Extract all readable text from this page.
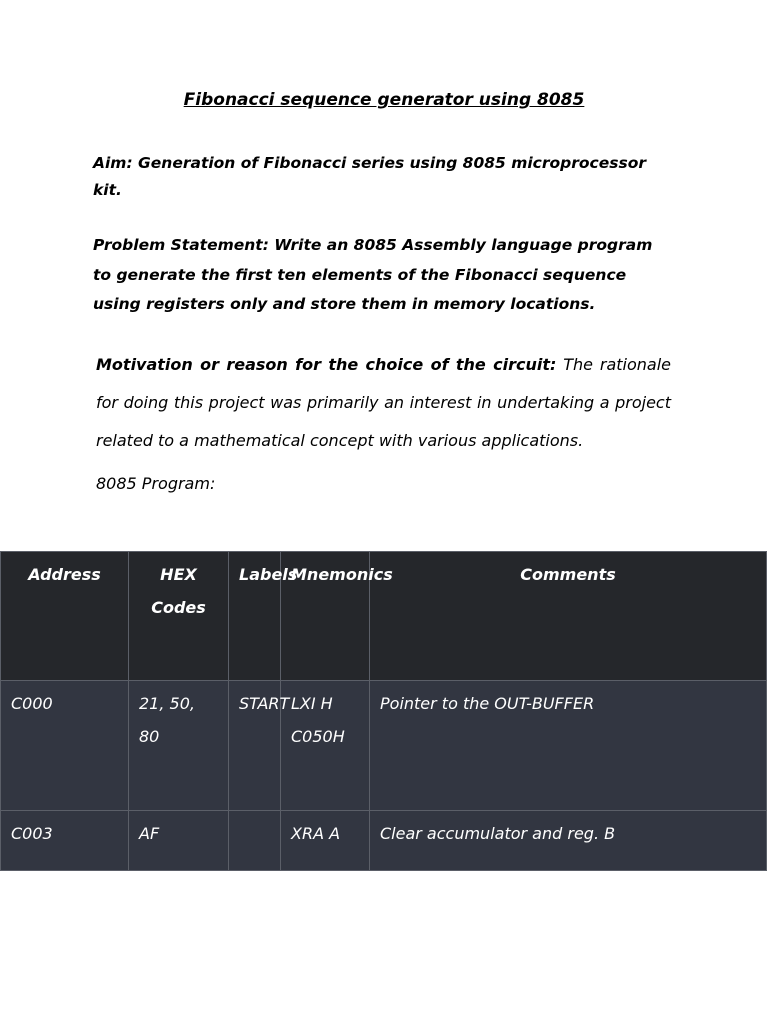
Fibonacci sequence generator using 8085

Aim: Generation of Fibonacci series using 8085 microprocessor kit.

Problem Statement: Write an 8085 Assembly language program to generate the first ten elements of the Fibonacci sequence using registers only and store them in memory locations.

Motivation or reason for the choice of the circuit: The rationale for doing this project was primarily an interest in undertaking a project related to a mathematical concept with various applications.

8085 Program:

Address	HEX Codes	Labels	Mnemonics	Comments
C000	21, 50, 80	START	LXI H C050H	Pointer to the OUT-BUFFER
C003	AF		XRA A	Clear accumulator and reg. B
